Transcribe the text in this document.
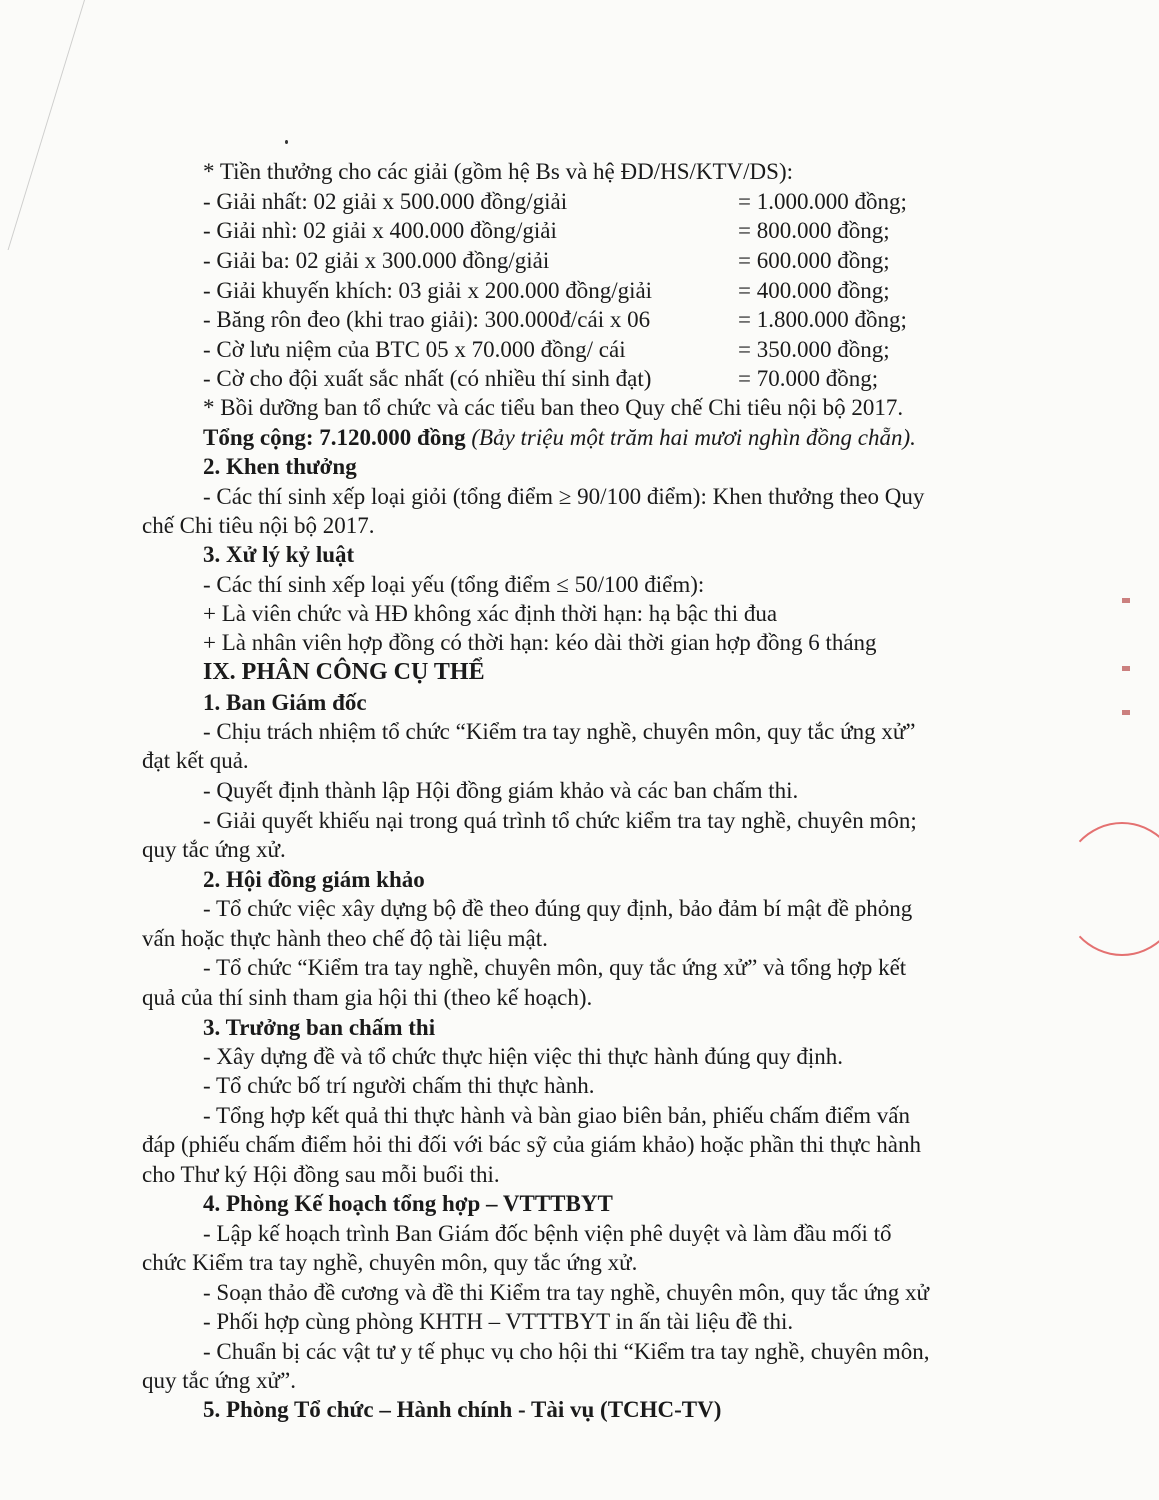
* Tiền thưởng cho các giải (gồm hệ Bs và hệ ĐD/HS/KTV/DS):
- Giải nhất: 02 giải x 500.000 đồng/giải	= 1.000.000 đồng;
- Giải nhì: 02 giải x 400.000 đồng/giải	= 800.000 đồng;
- Giải ba: 02 giải x 300.000 đồng/giải	= 600.000 đồng;
- Giải khuyến khích: 03 giải x 200.000 đồng/giải	= 400.000 đồng;
- Băng rôn đeo (khi trao giải): 300.000đ/cái x 06	= 1.800.000 đồng;
- Cờ lưu niệm của BTC 05 x 70.000 đồng/ cái	= 350.000 đồng;
- Cờ cho đội xuất sắc nhất (có nhiều thí sinh đạt)	= 70.000 đồng;
* Bồi dưỡng ban tổ chức và các tiểu ban theo Quy chế Chi tiêu nội bộ 2017.
2. Khen thưởng
- Các thí sinh xếp loại giỏi (tổng điểm ≥ 90/100 điểm): Khen thưởng theo Quy
chế Chi tiêu nội bộ 2017.
3. Xử lý kỷ luật
- Các thí sinh xếp loại yếu (tổng điểm ≤ 50/100 điểm):
+ Là viên chức và HĐ không xác định thời hạn: hạ bậc thi đua
+ Là nhân viên hợp đồng có thời hạn: kéo dài thời gian hợp đồng 6 tháng
IX. PHÂN CÔNG CỤ THỂ
1. Ban Giám đốc
- Chịu trách nhiệm tổ chức “Kiểm tra tay nghề, chuyên môn, quy tắc ứng xử”
đạt kết quả.
- Quyết định thành lập Hội đồng giám khảo và các ban chấm thi.
- Giải quyết khiếu nại trong quá trình tổ chức kiểm tra tay nghề, chuyên môn;
quy tắc ứng xử.
2. Hội đồng giám khảo
- Tổ chức việc xây dựng bộ đề theo đúng quy định, bảo đảm bí mật đề phỏng
vấn hoặc thực hành theo chế độ tài liệu mật.
- Tổ chức “Kiểm tra tay nghề, chuyên môn, quy tắc ứng xử” và tổng hợp kết
quả của thí sinh tham gia hội thi (theo kế hoạch).
3. Trưởng ban chấm thi
- Xây dựng đề và tổ chức thực hiện việc thi thực hành đúng quy định.
- Tổ chức bố trí người chấm thi thực hành.
- Tổng hợp kết quả thi thực hành và bàn giao biên bản, phiếu chấm điểm vấn
đáp (phiếu chấm điểm hỏi thi đối với bác sỹ của giám khảo) hoặc phần thi thực hành
cho Thư ký Hội đồng sau mỗi buổi thi.
4. Phòng Kế hoạch tổng hợp – VTTTBYT
- Lập kế hoạch trình Ban Giám đốc bệnh viện phê duyệt và làm đầu mối tổ
chức Kiểm tra tay nghề, chuyên môn, quy tắc ứng xử.
- Soạn thảo đề cương và đề thi Kiểm tra tay nghề, chuyên môn, quy tắc ứng xử
- Phối hợp cùng phòng KHTH – VTTTBYT in ấn tài liệu đề thi.
- Chuẩn bị các vật tư y tế phục vụ cho hội thi “Kiểm tra tay nghề, chuyên môn,
quy tắc ứng xử”.
5. Phòng Tổ chức – Hành chính - Tài vụ (TCHC-TV)
Tổng cộng: 7.120.000 đồng (Bảy triệu một trăm hai mươi nghìn đồng chẵn).
